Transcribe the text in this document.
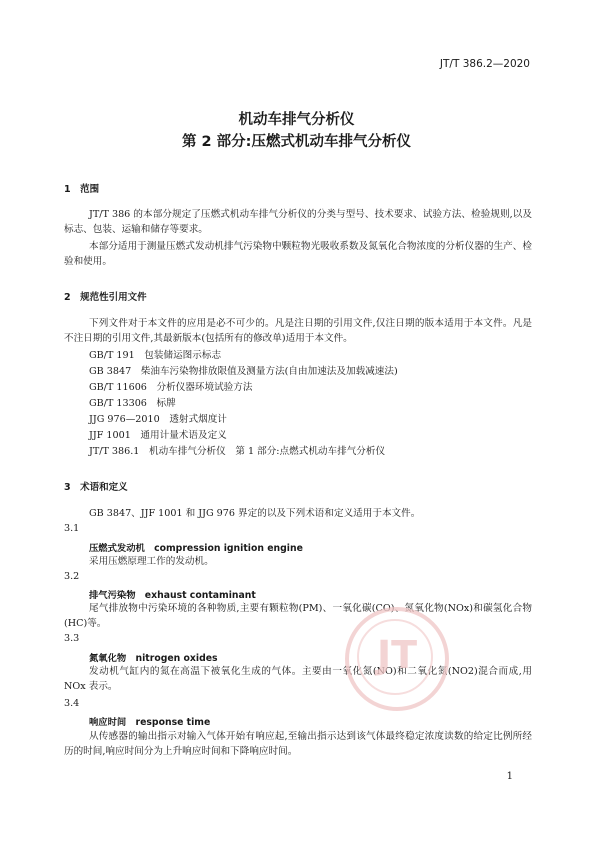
JT/T 386.2—2020
机动车排气分析仪
第 2 部分:压燃式机动车排气分析仪
1　范围
JT/T 386 的本部分规定了压燃式机动车排气分析仪的分类与型号、技术要求、试验方法、检验规则,以及标志、包装、运输和储存等要求。
本部分适用于测量压燃式发动机排气污染物中颗粒物光吸收系数及氮氧化合物浓度的分析仪器的生产、检验和使用。
2　规范性引用文件
下列文件对于本文件的应用是必不可少的。凡是注日期的引用文件,仅注日期的版本适用于本文件。凡是不注日期的引用文件,其最新版本(包括所有的修改单)适用于本文件。
GB/T 191　包装储运图示标志
GB 3847　柴油车污染物排放限值及测量方法(自由加速法及加载减速法)
GB/T 11606　分析仪器环境试验方法
GB/T 13306　标牌
JJG 976—2010　透射式烟度计
JJF 1001　通用计量术语及定义
JT/T 386.1　机动车排气分析仪　第 1 部分:点燃式机动车排气分析仪
3　术语和定义
GB 3847、JJF 1001 和 JJG 976 界定的以及下列术语和定义适用于本文件。
3.1
压燃式发动机　compression ignition engine
采用压燃原理工作的发动机。
3.2
排气污染物　exhaust contaminant
尾气排放物中污染环境的各种物质,主要有颗粒物(PM)、一氧化碳(CO)、氮氧化物(NOx)和碳氢化合物(HC)等。
3.3
氮氧化物　nitrogen oxides
发动机气缸内的氮在高温下被氧化生成的气体。主要由一氧化氮(NO)和二氧化氮(NO2)混合而成,用 NOx 表示。
3.4
响应时间　response time
从传感器的输出指示对输入气体开始有响应起,至输出指示达到该气体最终稳定浓度读数的给定比例所经历的时间,响应时间分为上升响应时间和下降响应时间。
JT
1
